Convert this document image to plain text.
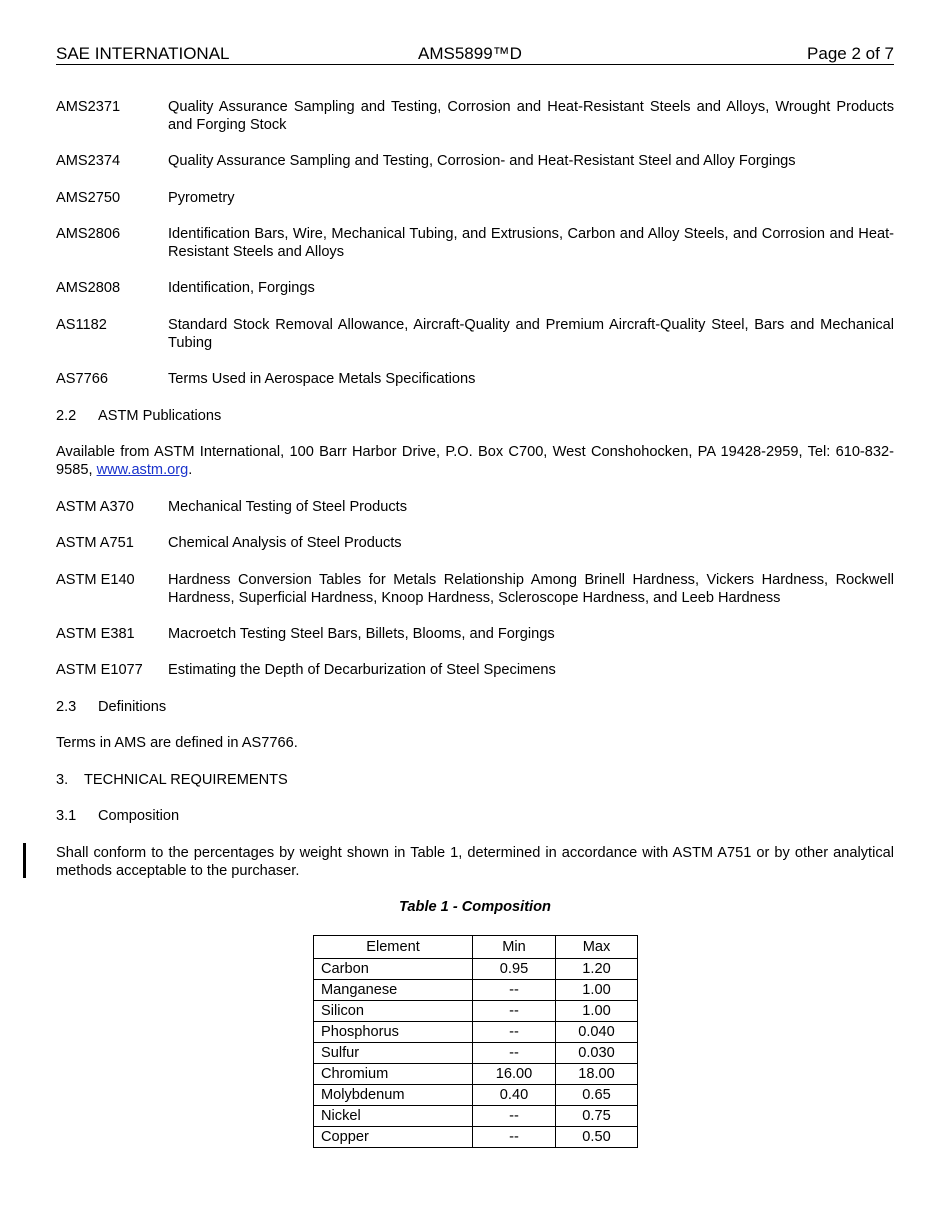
SAE INTERNATIONAL	AMS5899™D	Page 2 of 7
AMS2371	Quality Assurance Sampling and Testing, Corrosion and Heat-Resistant Steels and Alloys, Wrought Products and Forging Stock
AMS2374	Quality Assurance Sampling and Testing, Corrosion- and Heat-Resistant Steel and Alloy Forgings
AMS2750	Pyrometry
AMS2806	Identification Bars, Wire, Mechanical Tubing, and Extrusions, Carbon and Alloy Steels, and Corrosion and Heat-Resistant Steels and Alloys
AMS2808	Identification, Forgings
AS1182	Standard Stock Removal Allowance, Aircraft-Quality and Premium Aircraft-Quality Steel, Bars and Mechanical Tubing
AS7766	Terms Used in Aerospace Metals Specifications
2.2 ASTM Publications
Available from ASTM International, 100 Barr Harbor Drive, P.O. Box C700, West Conshohocken, PA 19428-2959, Tel: 610-832-9585, www.astm.org.
ASTM A370 Mechanical Testing of Steel Products
ASTM A751 Chemical Analysis of Steel Products
ASTM E140 Hardness Conversion Tables for Metals Relationship Among Brinell Hardness, Vickers Hardness, Rockwell Hardness, Superficial Hardness, Knoop Hardness, Scleroscope Hardness, and Leeb Hardness
ASTM E381 Macroetch Testing Steel Bars, Billets, Blooms, and Forgings
ASTM E1077 Estimating the Depth of Decarburization of Steel Specimens
2.3 Definitions
Terms in AMS are defined in AS7766.
3. TECHNICAL REQUIREMENTS
3.1 Composition
Shall conform to the percentages by weight shown in Table 1, determined in accordance with ASTM A751 or by other analytical methods acceptable to the purchaser.
Table 1 - Composition
Element	Min	Max
Carbon	0.95	1.20
Manganese	--	1.00
Silicon	--	1.00
Phosphorus	--	0.040
Sulfur	--	0.030
Chromium	16.00	18.00
Molybdenum	0.40	0.65
Nickel	--	0.75
Copper	--	0.50
